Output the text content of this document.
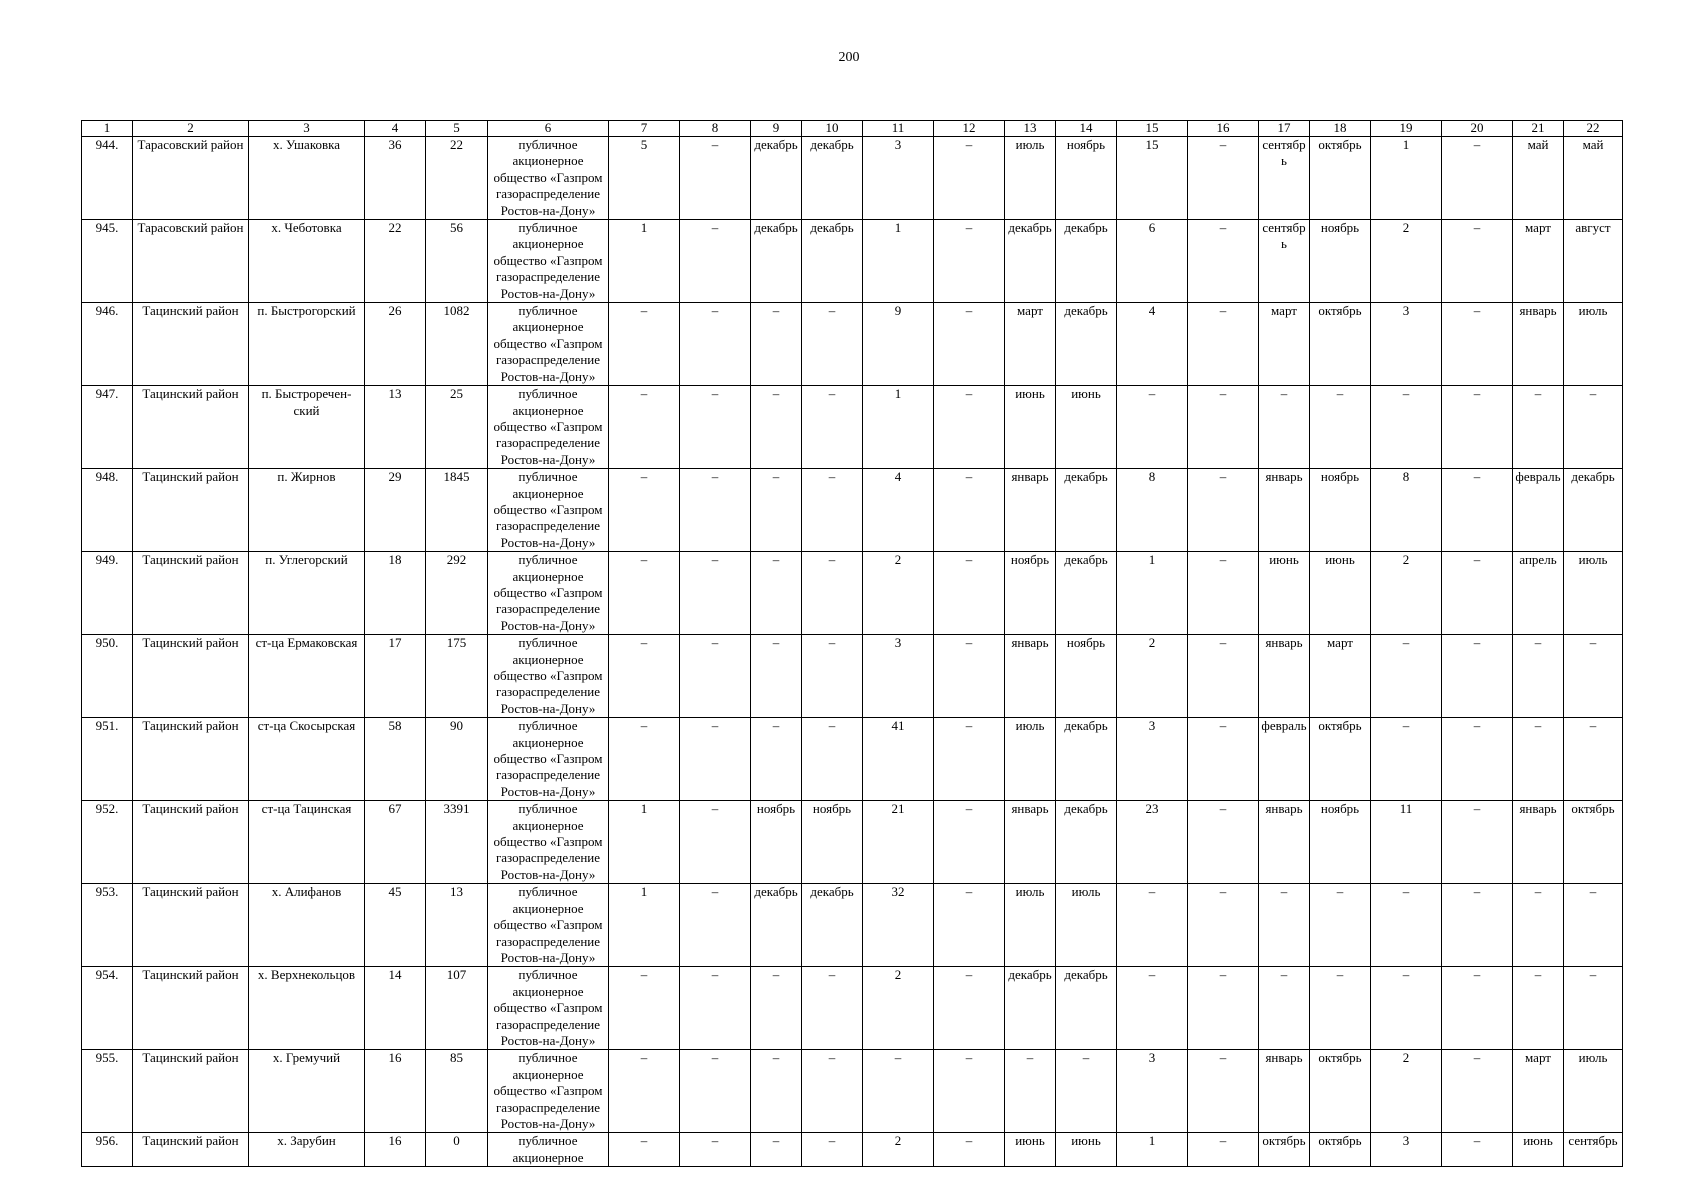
200
1	2	3	4	5	6	7	8	9	10	11	12	13	14	15	16	17	18	19	20	21	22
944.	Тарасовский район	х. Ушаковка	36	22	публичное акционерное общество «Газпром газораспределение Ростов-на-Дону»	5	–	декабрь	декабрь	3	–	июль	ноябрь	15	–	сентябр ь	октябрь	1	–	май	май
945.	Тарасовский район	х. Чеботовка	22	56	публичное акционерное общество «Газпром газораспределение Ростов-на-Дону»	1	–	декабрь	декабрь	1	–	декабрь	декабрь	6	–	сентябр ь	ноябрь	2	–	март	август
946.	Тацинский район	п. Быстрогорский	26	1082	публичное акционерное общество «Газпром газораспределение Ростов-на-Дону»	–	–	–	–	9	–	март	декабрь	4	–	март	октябрь	3	–	январь	июль
947.	Тацинский район	п. Быстроречен-ский	13	25	публичное акционерное общество «Газпром газораспределение Ростов-на-Дону»	–	–	–	–	1	–	июнь	июнь	–	–	–	–	–	–	–	–
948.	Тацинский район	п. Жирнов	29	1845	публичное акционерное общество «Газпром газораспределение Ростов-на-Дону»	–	–	–	–	4	–	январь	декабрь	8	–	январь	ноябрь	8	–	февраль	декабрь
949.	Тацинский район	п. Углегорский	18	292	публичное акционерное общество «Газпром газораспределение Ростов-на-Дону»	–	–	–	–	2	–	ноябрь	декабрь	1	–	июнь	июнь	2	–	апрель	июль
950.	Тацинский район	ст-ца Ермаковская	17	175	публичное акционерное общество «Газпром газораспределение Ростов-на-Дону»	–	–	–	–	3	–	январь	ноябрь	2	–	январь	март	–	–	–	–
951.	Тацинский район	ст-ца Скосырская	58	90	публичное акционерное общество «Газпром газораспределение Ростов-на-Дону»	–	–	–	–	41	–	июль	декабрь	3	–	февраль	октябрь	–	–	–	–
952.	Тацинский район	ст-ца Тацинская	67	3391	публичное акционерное общество «Газпром газораспределение Ростов-на-Дону»	1	–	ноябрь	ноябрь	21	–	январь	декабрь	23	–	январь	ноябрь	11	–	январь	октябрь
953.	Тацинский район	х. Алифанов	45	13	публичное акционерное общество «Газпром газораспределение Ростов-на-Дону»	1	–	декабрь	декабрь	32	–	июль	июль	–	–	–	–	–	–	–	–
954.	Тацинский район	х. Верхнекольцов	14	107	публичное акционерное общество «Газпром газораспределение Ростов-на-Дону»	–	–	–	–	2	–	декабрь	декабрь	–	–	–	–	–	–	–	–
955.	Тацинский район	х. Гремучий	16	85	публичное акционерное общество «Газпром газораспределение Ростов-на-Дону»	–	–	–	–	–	–	–	–	3	–	январь	октябрь	2	–	март	июль
956.	Тацинский район	х. Зарубин	16	0	публичное акционерное	–	–	–	–	2	–	июнь	июнь	1	–	октябрь	октябрь	3	–	июнь	сентябрь
